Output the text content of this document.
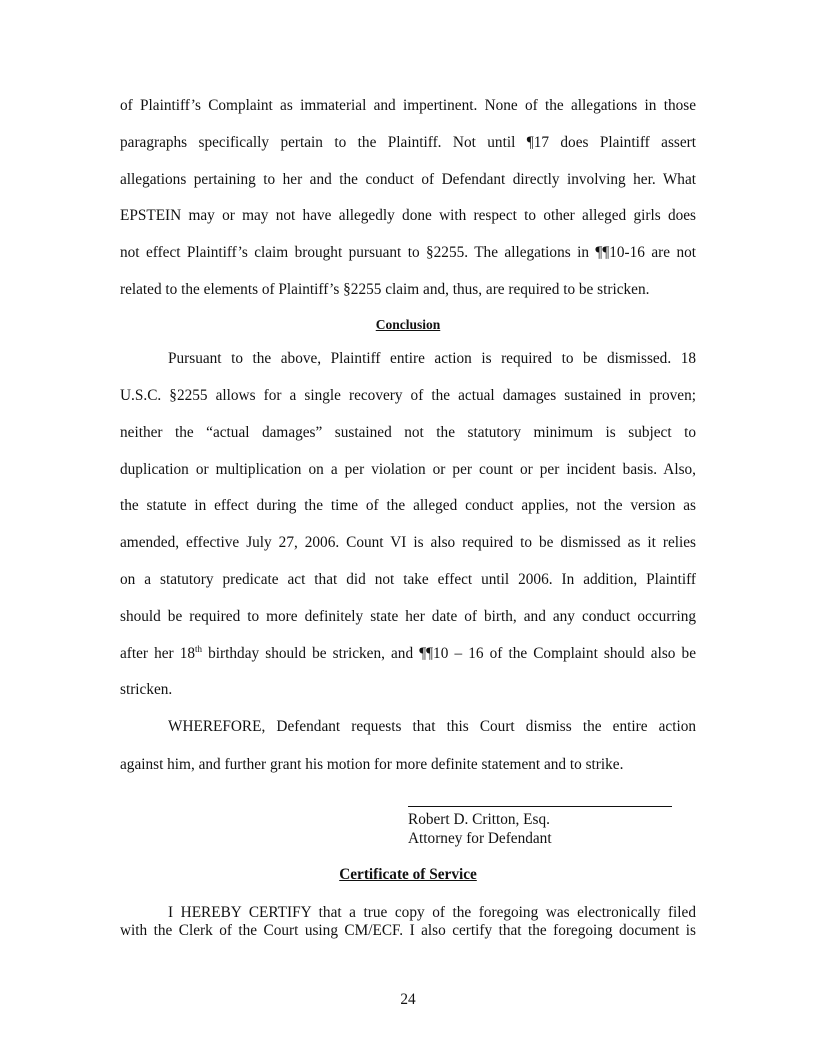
of Plaintiff’s Complaint as immaterial and impertinent. None of the allegations in those
paragraphs specifically pertain to the Plaintiff. Not until ¶17 does Plaintiff assert
allegations pertaining to her and the conduct of Defendant directly involving her. What
EPSTEIN may or may not have allegedly done with respect to other alleged girls does
not effect Plaintiff’s claim brought pursuant to §2255. The allegations in ¶¶10-16 are not
related to the elements of Plaintiff’s §2255 claim and, thus, are required to be stricken.
Conclusion
Pursuant to the above, Plaintiff entire action is required to be dismissed. 18
U.S.C. §2255 allows for a single recovery of the actual damages sustained in proven;
neither the “actual damages” sustained not the statutory minimum is subject to
duplication or multiplication on a per violation or per count or per incident basis. Also,
the statute in effect during the time of the alleged conduct applies, not the version as
amended, effective July 27, 2006. Count VI is also required to be dismissed as it relies
on a statutory predicate act that did not take effect until 2006. In addition, Plaintiff
should be required to more definitely state her date of birth, and any conduct occurring
after her 18th birthday should be stricken, and ¶¶10 – 16 of the Complaint should also be
stricken.
WHEREFORE, Defendant requests that this Court dismiss the entire action
against him, and further grant his motion for more definite statement and to strike.
Robert D. Critton, Esq.
Attorney for Defendant
Certificate of Service
I HEREBY CERTIFY that a true copy of the foregoing was electronically filed
with the Clerk of the Court using CM/ECF. I also certify that the foregoing document is
24
